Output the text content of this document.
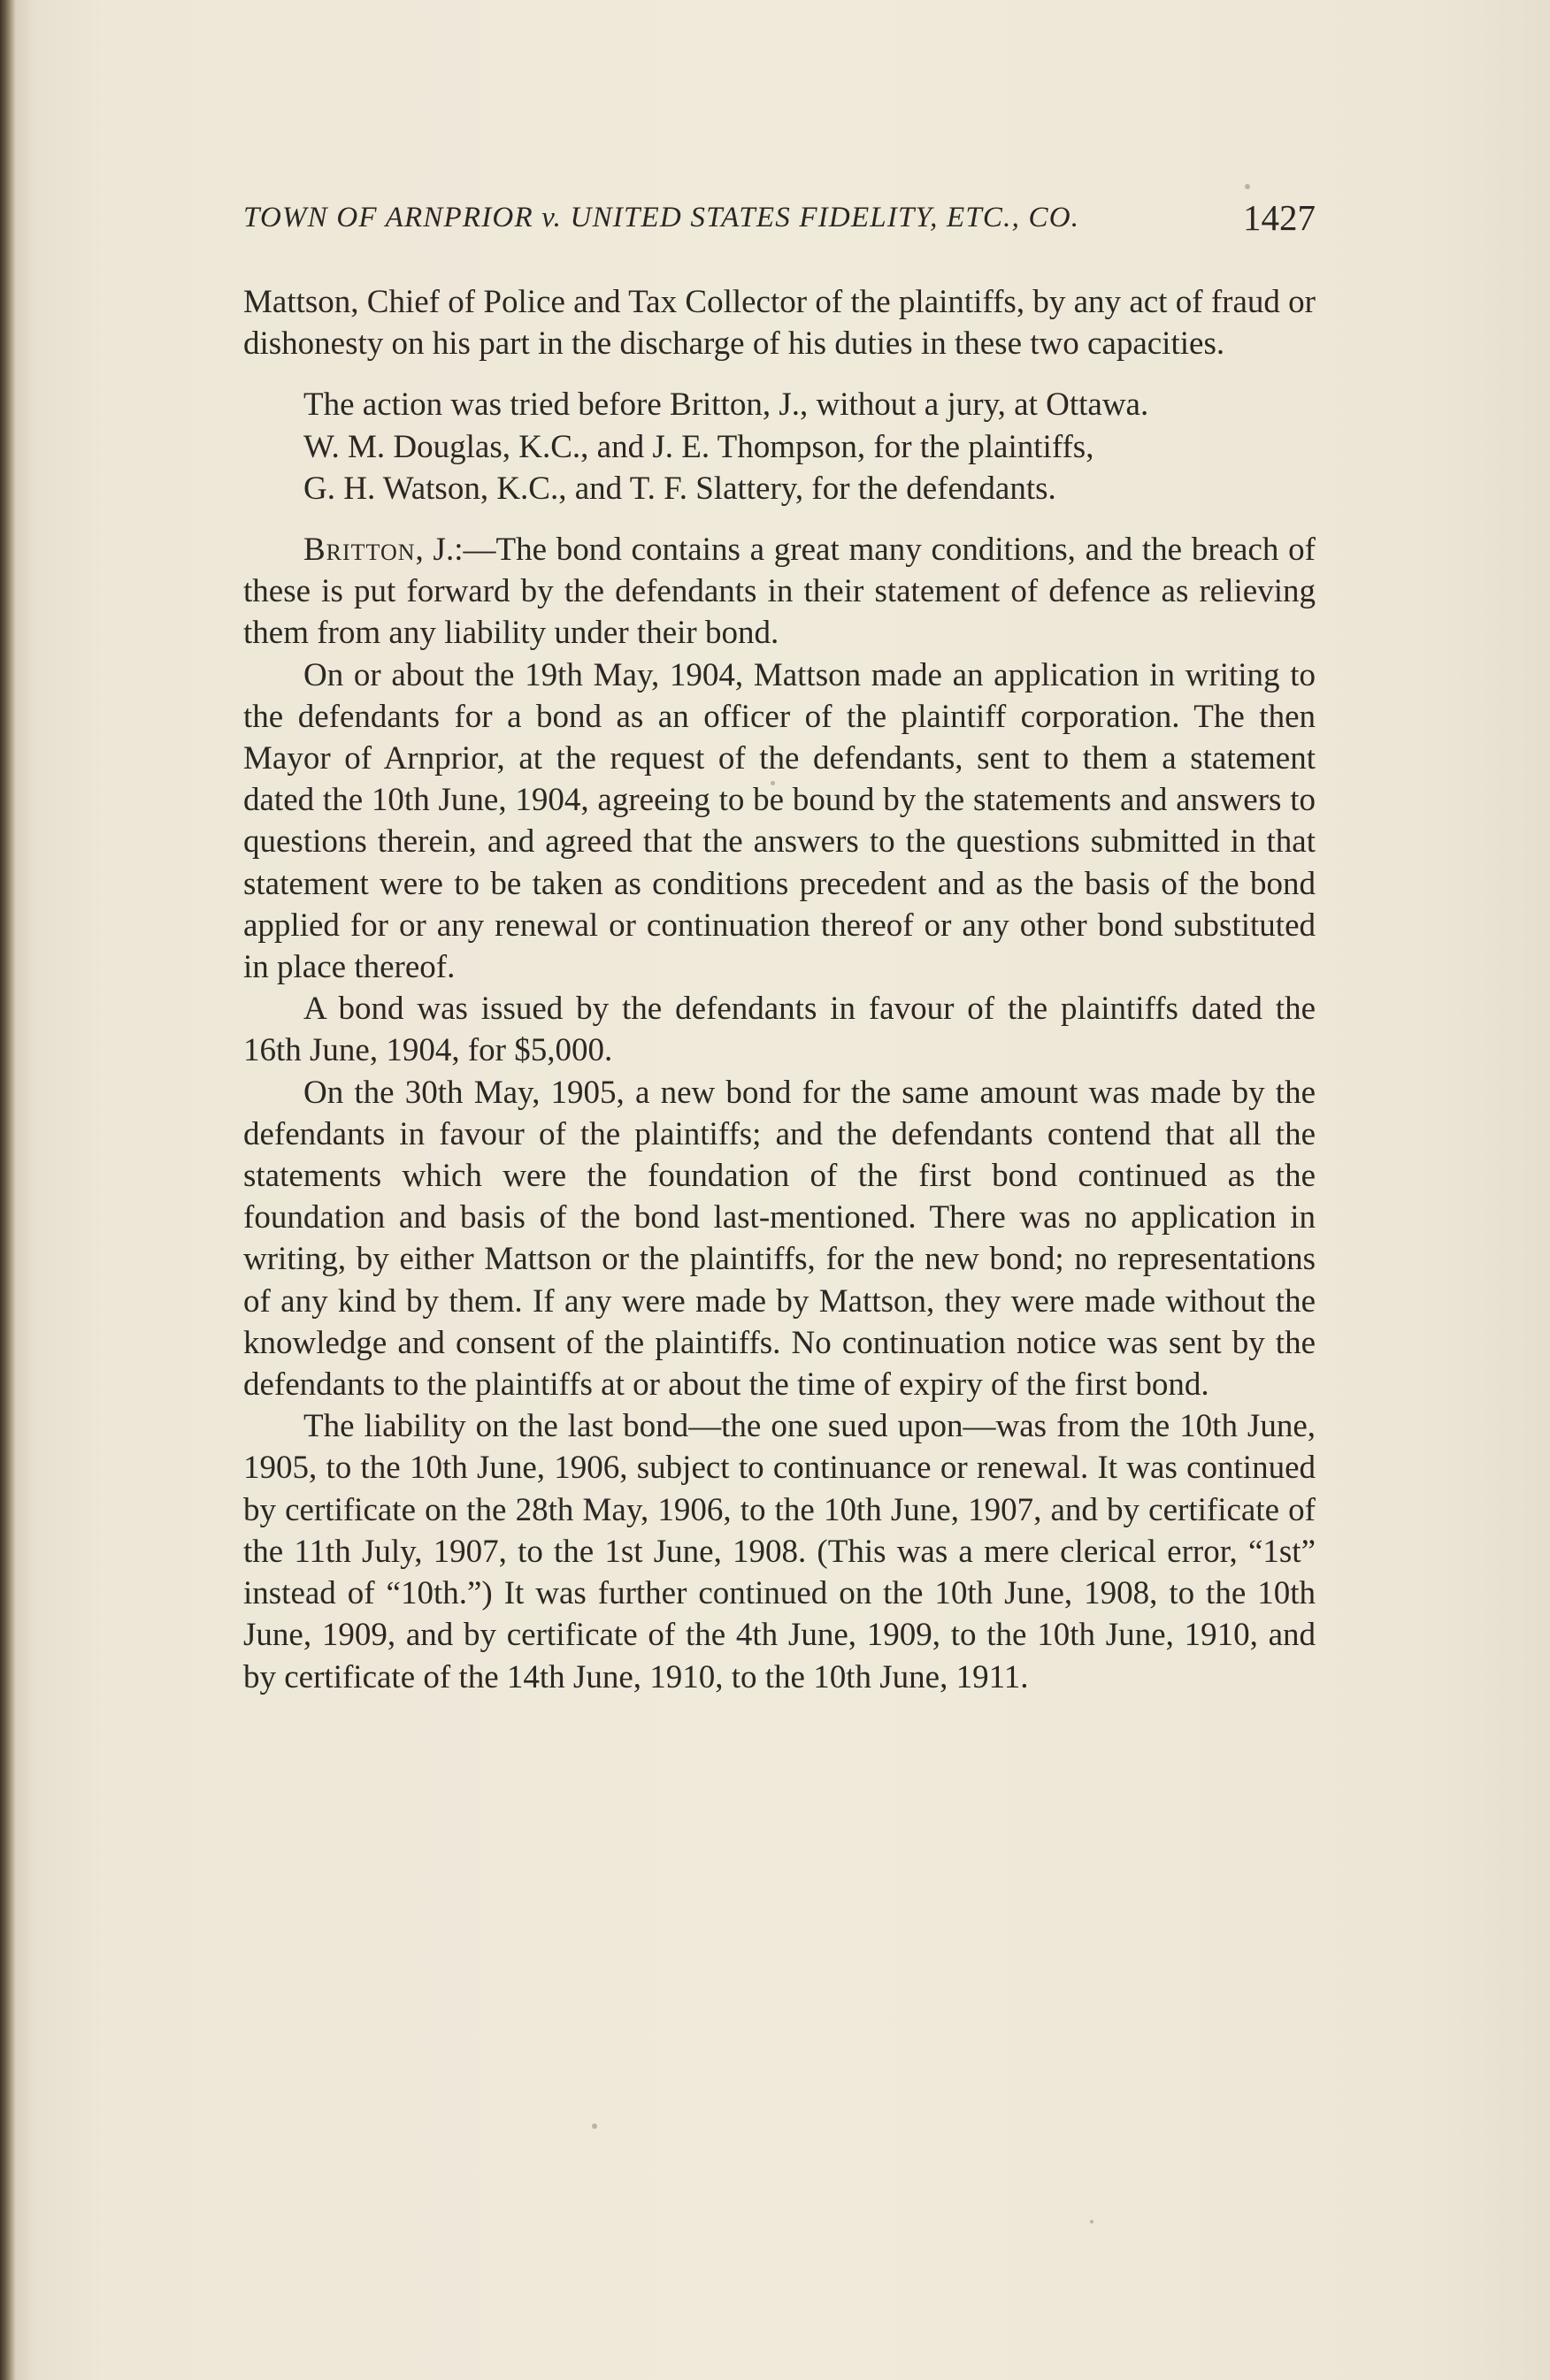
TOWN OF ARNPRIOR v. UNITED STATES FIDELITY, ETC., CO.	1427

Mattson, Chief of Police and Tax Collector of the plaintiffs, by any act of fraud or dishonesty on his part in the discharge of his duties in these two capacities.

The action was tried before Britton, J., without a jury, at Ottawa.

W. M. Douglas, K.C., and J. E. Thompson, for the plaintiffs,

G. H. Watson, K.C., and T. F. Slattery, for the defendants.

Britton, J.:—The bond contains a great many conditions, and the breach of these is put forward by the defendants in their statement of defence as relieving them from any liability under their bond.

On or about the 19th May, 1904, Mattson made an application in writing to the defendants for a bond as an officer of the plaintiff corporation. The then Mayor of Arnprior, at the request of the defendants, sent to them a statement dated the 10th June, 1904, agreeing to be bound by the statements and answers to questions therein, and agreed that the answers to the questions submitted in that statement were to be taken as conditions precedent and as the basis of the bond applied for or any renewal or continuation thereof or any other bond substituted in place thereof.

A bond was issued by the defendants in favour of the plaintiffs dated the 16th June, 1904, for $5,000.

On the 30th May, 1905, a new bond for the same amount was made by the defendants in favour of the plaintiffs; and the defendants contend that all the statements which were the foundation of the first bond continued as the foundation and basis of the bond last-mentioned. There was no application in writing, by either Mattson or the plaintiffs, for the new bond; no representations of any kind by them. If any were made by Mattson, they were made without the knowledge and consent of the plaintiffs. No continuation notice was sent by the defendants to the plaintiffs at or about the time of expiry of the first bond.

The liability on the last bond—the one sued upon—was from the 10th June, 1905, to the 10th June, 1906, subject to continuance or renewal. It was continued by certificate on the 28th May, 1906, to the 10th June, 1907, and by certificate of the 11th July, 1907, to the 1st June, 1908. (This was a mere clerical error, “1st” instead of “10th.”) It was further continued on the 10th June, 1908, to the 10th June, 1909, and by certificate of the 4th June, 1909, to the 10th June, 1910, and by certificate of the 14th June, 1910, to the 10th June, 1911.
